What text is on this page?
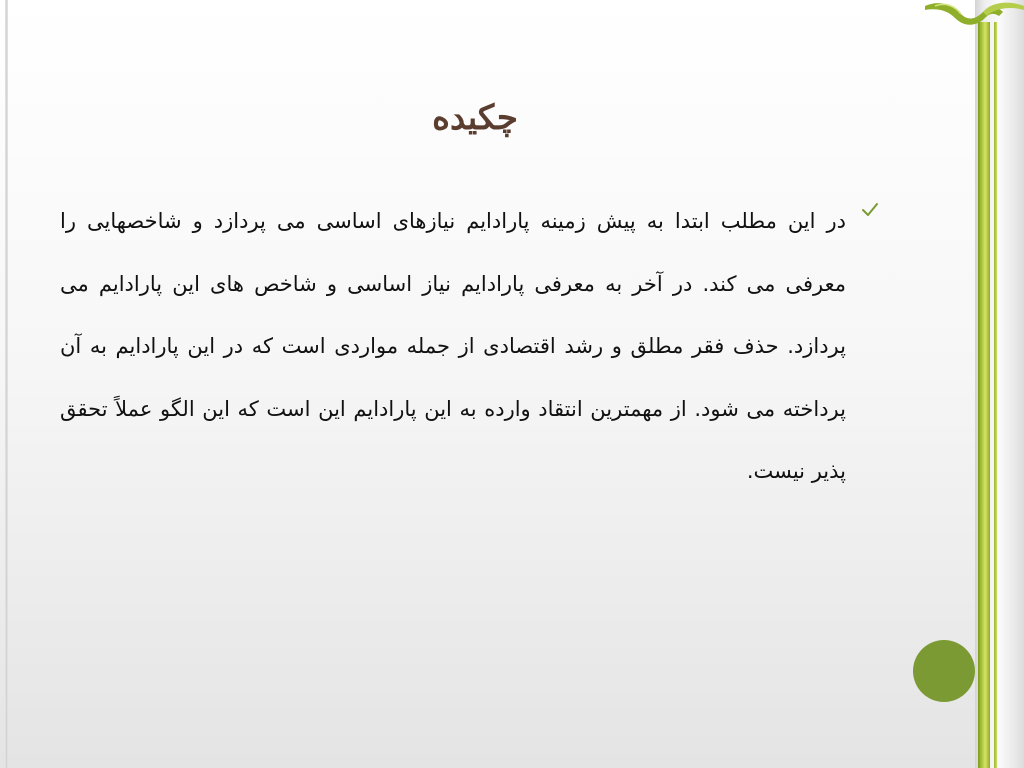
چکیده

در این مطلب ابتدا به پیش زمینه پارادایم نیازهای اساسی می پردازد و شاخصهایی را معرفی می کند. در آخر به معرفی پارادایم نیاز اساسی و شاخص های این پارادایم می پردازد. حذف فقر مطلق و رشد اقتصادی از جمله مواردی است که در این پارادایم به آن پرداخته می شود. از مهمترین انتقاد وارده به این پارادایم این است که این الگو عملاً تحقق پذیر نیست.
